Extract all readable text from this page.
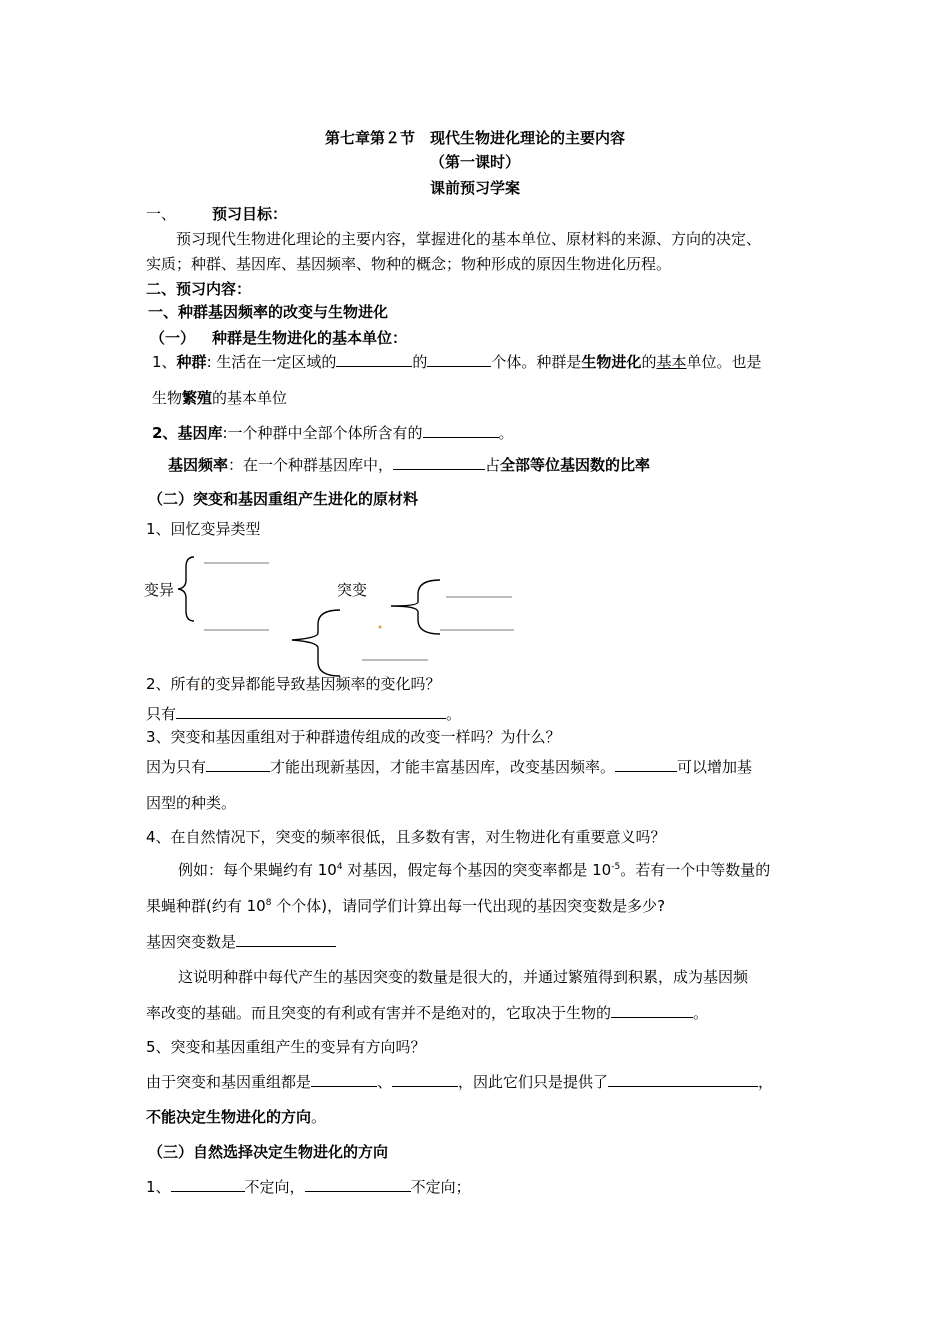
第七章第２节　现代生物进化理论的主要内容
（第一课时）
课前预习学案
一、 预习目标：
预习现代生物进化理论的主要内容，掌握进化的基本单位、原材料的来源、方向的决定、
实质；种群、基因库、基因频率、物种的概念；物种形成的原因生物进化历程。
二、预习内容：
一、种群基因频率的改变与生物进化
（一） 种群是生物进化的基本单位：
1、种群: 生活在一定区域的	的	个体。种群是生物进化的基本单位。也是
生物繁殖的基本单位
2、基因库:一个种群中全部个体所含有的	。
基因频率：在一个种群基因库中，	占全部等位基因数的比率
（二）突变和基因重组产生进化的原材料
1、回忆变异类型
变异	突变
2、所有的变异都能导致基因频率的变化吗？
只有	。
3、突变和基因重组对于种群遗传组成的改变一样吗？为什么？
因为只有	才能出现新基因，才能丰富基因库，改变基因频率。	可以增加基
因型的种类。
4、在自然情况下，突变的频率很低，且多数有害，对生物进化有重要意义吗？
例如：每个果蝇约有 $10^4$ 对基因，假定每个基因的突变率都是 $10^{-5}$。若有一个中等数量的
果蝇种群(约有 $10^8$ 个个体)，请同学们计算出每一代出现的基因突变数是多少?
基因突变数是
这说明种群中每代产生的基因突变的数量是很大的，并通过繁殖得到积累，成为基因频
率改变的基础。而且突变的有利或有害并不是绝对的，它取决于生物的	。
5、突变和基因重组产生的变异有方向吗？
由于突变和基因重组都是	、	，因此它们只是提供了	，
不能决定生物进化的方向。
（三）自然选择决定生物进化的方向
1、	不定向，	不定向；
